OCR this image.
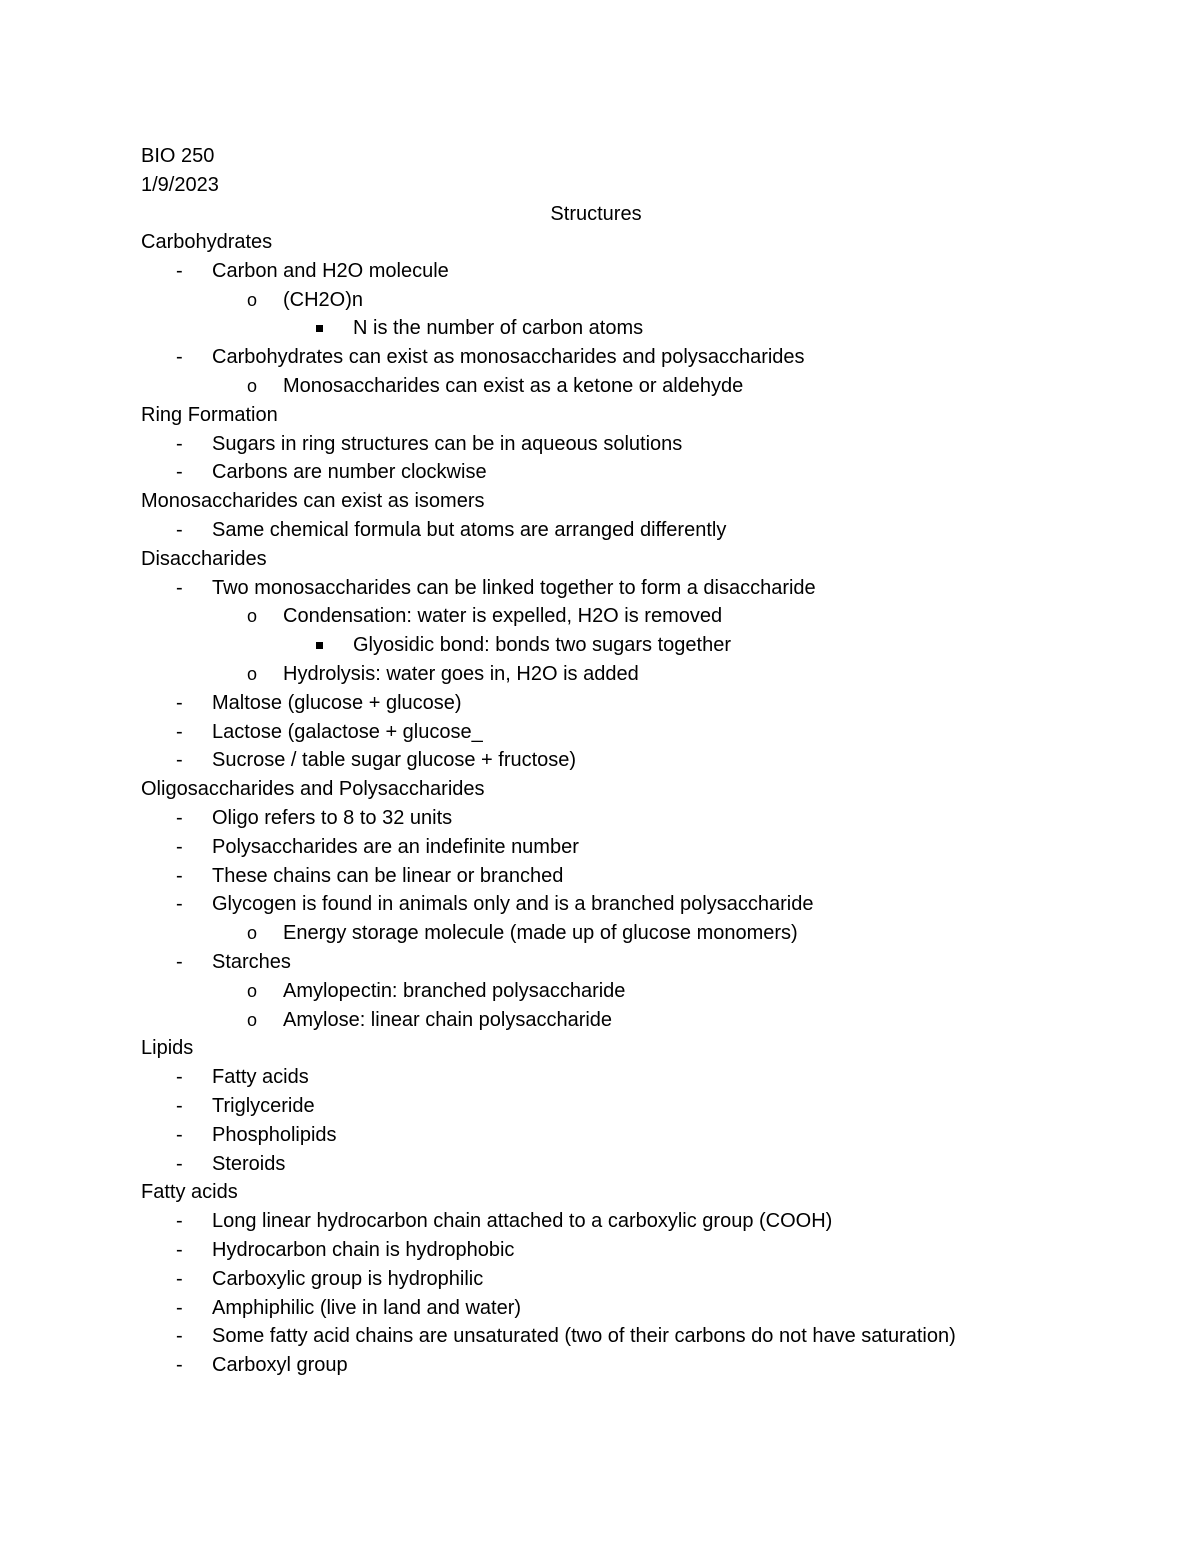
BIO 250
1/9/2023
Structures
Carbohydrates
- Carbon and H2O molecule
o (CH2O)n
N is the number of carbon atoms
- Carbohydrates can exist as monosaccharides and polysaccharides
o Monosaccharides can exist as a ketone or aldehyde
Ring Formation
- Sugars in ring structures can be in aqueous solutions
- Carbons are number clockwise
Monosaccharides can exist as isomers
- Same chemical formula but atoms are arranged differently
Disaccharides
- Two monosaccharides can be linked together to form a disaccharide
o Condensation: water is expelled, H2O is removed
Glyosidic bond: bonds two sugars together
o Hydrolysis: water goes in, H2O is added
- Maltose (glucose + glucose)
- Lactose (galactose + glucose_
- Sucrose / table sugar glucose + fructose)
Oligosaccharides and Polysaccharides
- Oligo refers to 8 to 32 units
- Polysaccharides are an indefinite number
- These chains can be linear or branched
- Glycogen is found in animals only and is a branched polysaccharide
o Energy storage molecule (made up of glucose monomers)
- Starches
o Amylopectin: branched polysaccharide
o Amylose: linear chain polysaccharide
Lipids
- Fatty acids
- Triglyceride
- Phospholipids
- Steroids
Fatty acids
- Long linear hydrocarbon chain attached to a carboxylic group (COOH)
- Hydrocarbon chain is hydrophobic
- Carboxylic group is hydrophilic
- Amphiphilic (live in land and water)
- Some fatty acid chains are unsaturated (two of their carbons do not have saturation)
- Carboxyl group
